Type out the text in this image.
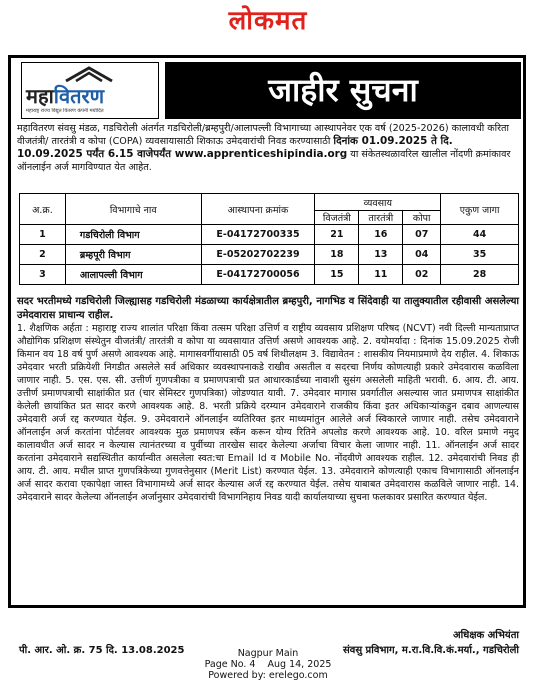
लोकमत
महावितरण
महाराष्ट्र राज्य विद्युत वितरण कंपनी मर्यादित
जाहीर सुचना

महावितरण संवसु मंडळ, गडचिरोली अंतर्गत गडचिरोली/ब्रम्हपुरी/आलापल्ली विभागाच्या आस्थापनेवर एक वर्ष (2025-2026) कालावधी करिता वीजतंत्री/ तारतंत्री व कोपा (COPA) व्यवसायासाठी शिकाऊ उमेदवारांची निवड करण्यासाठी दिनांक 01.09.2025 ते दि. 10.09.2025 पर्यंत 6.15 वाजेपर्यंत www.apprenticeshipindia.org या संकेतस्थळावरिल खालील नोंदणी क्रमांकावर ऑनलाईन अर्ज मागविण्यात येत आहेत.

अ.क्र.	विभागाचे नाव	आस्थापना क्रमांक	व्यवसाय			एकुण जागा
			विजतंत्री	तारतंत्री	कोपा	
1	गडचिरोली विभाग	E-04172700335	21	16	07	44
2	ब्रम्हपूरी विभाग	E-05202702239	18	13	04	35
3	आलापल्ली विभाग	E-04172700056	15	11	02	28

सदर भरतीमध्ये गडचिरोली जिल्ह्यासह गडचिरोली मंडळाच्या कार्यक्षेत्रातील ब्रम्हपुरी, नागभिड व सिंदेवाही या तालुक्यातील रहीवासी असलेल्या उमेदवारास प्राधान्य राहील.

1. शैक्षणिक अर्हता : महाराष्ट्र राज्य शालांत परिक्षा किंवा तत्सम परिक्षा उत्तिर्ण व राष्ट्रीय व्यवसाय प्रशिक्षण परिषद (NCVT) नवी दिल्ली मान्यताप्राप्त औद्योगिक प्रशिक्षण संस्थेतुन वीजतंत्री/ तारतंत्री व कोपा या व्यवसायात उत्तिर्ण असणे आवश्यक आहे. 2. वयोमर्यादा : दिनांक 15.09.2025 रोजी किमान वय 18 वर्ष पुर्ण असणे आवश्यक आहे. मागासवर्गीयासाठी 05 वर्ष शिथीलक्षम 3. विद्यावेतन : शासकीय नियमाप्रमाणे देय राहील. 4. शिकाऊ उमेदवार भरती प्रक्रियेशी निगडीत असलेले सर्व अधिकार व्यवस्थापनाकडे राखीव असतील व सदरचा निर्णय कोणत्याही प्रकारे उमेदवारास कळविला जाणार नाही. 5. एस. एस. सी. उत्तीर्ण गुणपत्रीका व प्रमाणपत्राची प्रत आधारकार्डच्या नावाशी सुसंग असलेली माहिती भरावी. 6. आय. टी. आय. उत्तीर्ण प्रमाणपत्राची साक्षांकीत प्रत (चार सेमिस्टर गुणपत्रिका) जोडण्यात यावी. 7. उमेदवार मागास प्रवर्गातील असल्यास जात प्रमाणपत्र साक्षांकीत केलेली छायांकित प्रत सादर करणे आवश्यक आहे. 8. भरती प्रक्रिये दरम्यान उमेदवाराने राजकीय किंवा इतर अधिकाऱ्यांकडुन दबाव आणल्यास उमेदवारी अर्ज रद्द करण्यात येईल. 9. उमेदवाराने ऑनलाईन व्यतिरिक्त इतर माध्यमांतुन आलेले अर्ज स्विकारले जाणार नाही. तसेच उमेदवाराने ऑनलाईन अर्ज करतांना पोर्टलवर आवश्यक मुळ प्रमाणपत्र स्कॅन करून योग्य रितिने अपलोड करणे आवश्यक आहे. 10. वरिल प्रमाणे नमुद कालावधीत अर्ज सादर न केल्यास त्यानंतरच्या व पुर्वीच्या तारखेस सादर केलेल्या अर्जाचा विचार केला जाणार नाही. 11. ऑनलाईन अर्ज सादर करतांना उमेदवाराने सद्यस्थितीत कार्यान्वीत असलेला स्वत:चा Email Id व Mobile No. नोंदवीणे आवश्यक राहील. 12. उमेदवारांची निवड ही आय. टी. आय. मधील प्राप्त गुणपत्रिकेच्या गुणवत्तेनुसार (Merit List) करण्यात येईल. 13. उमेदवाराने कोणत्याही एकाच विभागासाठी ऑनलाईन अर्ज सादर करावा एकापेक्षा जास्त विभागामध्ये अर्ज सादर केल्यास अर्ज रद्द करण्यात येईल. तसेच याबाबत उमेदवारास कळविले जाणार नाही. 14. उमेदवाराने सादर केलेल्या ऑनलाईन अर्जानुसार उमेदवारांची विभागनिहाय निवड यादी कार्यालयाच्या सुचना फलकावर प्रसारित करण्यात येईल.

अधिक्षक अभियंता
पी. आर. ओ. क्र. 75 दि. 13.08.2025	संवसु प्रविभाग, म.रा.वि.वि.कं.मर्या., गडचिरोली
Nagpur Main
Page No. 4    Aug 14, 2025
Powered by: erelego.com
